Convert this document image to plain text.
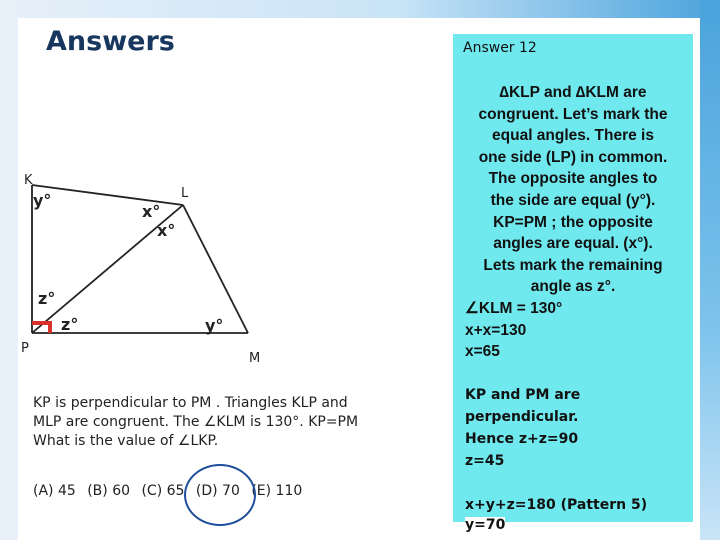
Answers
K
L
P
M
y°
x°
x°
z°
z°	y°
KP is perpendicular to PM . Triangles KLP and
MLP are congruent. The ∠KLM is 130°. KP=PM
What is the value of ∠LKP.
(A) 45 (B) 60 (C) 65 (D) 70 (E) 110
Answer 12
∆KLP and ∆KLM are
congruent. Let’s mark the
equal angles. There is
one side (LP) in common.
The opposite angles to
the side are equal (y°).
KP=PM ; the opposite
angles are equal. (x°).
Lets mark the remaining
angle as z°.
∠KLM = 130°
x+x=130
x=65
KP and PM are
perpendicular.
Hence z+z=90
z=45

x+y+z=180 (Pattern 5)
y=70
